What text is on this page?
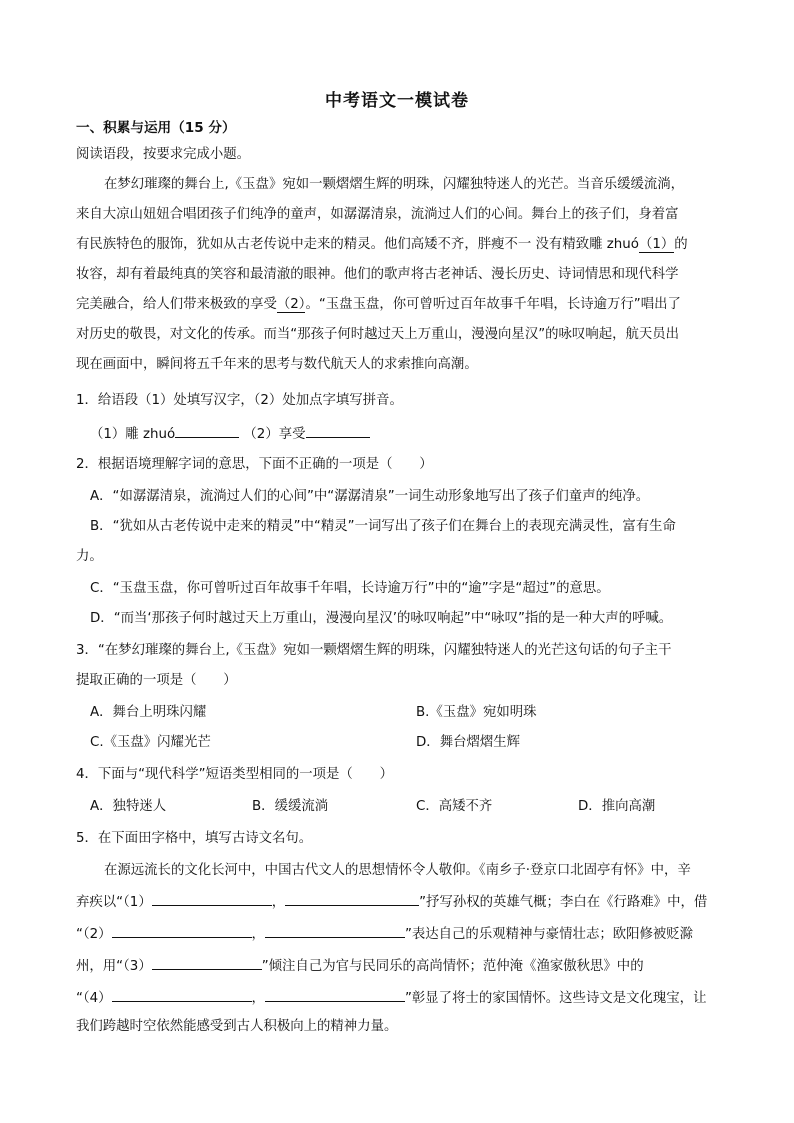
中考语文一模试卷
一、积累与运用（15 分）
阅读语段，按要求完成小题。
在梦幻璀璨的舞台上,《玉盘》宛如一颗熠熠生辉的明珠，闪耀独特迷人的光芒。当音乐缓缓流淌，
来自大凉山妞妞合唱团孩子们纯净的童声，如潺潺清泉，流淌过人们的心间。舞台上的孩子们，身着富
有民族特色的服饰，犹如从古老传说中走来的精灵。他们高矮不齐，胖瘦不一 没有精致雕 zhuó（1）的
妆容，却有着最纯真的笑容和最清澈的眼神。他们的歌声将古老神话、漫长历史、诗词情思和现代科学
完美融合，给人们带来极致的享受（2）。“玉盘玉盘，你可曾听过百年故事千年唱，长诗逾万行”唱出了
对历史的敬畏，对文化的传承。而当“那孩子何时越过天上万重山，漫漫向星汉”的咏叹响起，航天员出
现在画面中，瞬间将五千年来的思考与数代航天人的求索推向高潮。
1．给语段（1）处填写汉字，（2）处加点字填写拼音。
（1）雕 zhuó	（2）享受
2．根据语境理解字词的意思，下面不正确的一项是（　　）
A．“如潺潺清泉，流淌过人们的心间”中“潺潺清泉”一词生动形象地写出了孩子们童声的纯净。
B．“犹如从古老传说中走来的精灵”中“精灵”一词写出了孩子们在舞台上的表现充满灵性，富有生命
力。
C．“玉盘玉盘，你可曾听过百年故事千年唱，长诗逾万行”中的“逾”字是“超过”的意思。
D．“而当‘那孩子何时越过天上万重山，漫漫向星汉’的咏叹响起”中“咏叹”指的是一种大声的呼喊。
3．“在梦幻璀璨的舞台上,《玉盘》宛如一颗熠熠生辉的明珠，闪耀独特迷人的光芒这句话的句子主干
提取正确的一项是（　　）
A．舞台上明珠闪耀	B.《玉盘》宛如明珠
C.《玉盘》闪耀光芒	D．舞台熠熠生辉
4．下面与“现代科学”短语类型相同的一项是（　　）
A．独特迷人	B．缓缓流淌	C．高矮不齐	D．推向高潮
5．在下面田字格中，填写古诗文名句。
在源远流长的文化长河中，中国古代文人的思想情怀令人敬仰。《南乡子·登京口北固亭有怀》中，辛
弃疾以“（1）	，	”抒写孙权的英雄气概；李白在《行路难》中，借
“（2）	，	”表达自己的乐观精神与豪情壮志；欧阳修被贬滁
州，用“（3）	”倾注自己为官与民同乐的高尚情怀；范仲淹《渔家傲秋思》中的
“（4）	，	”彰显了将士的家国情怀。这些诗文是文化瑰宝，让
我们跨越时空依然能感受到古人积极向上的精神力量。
